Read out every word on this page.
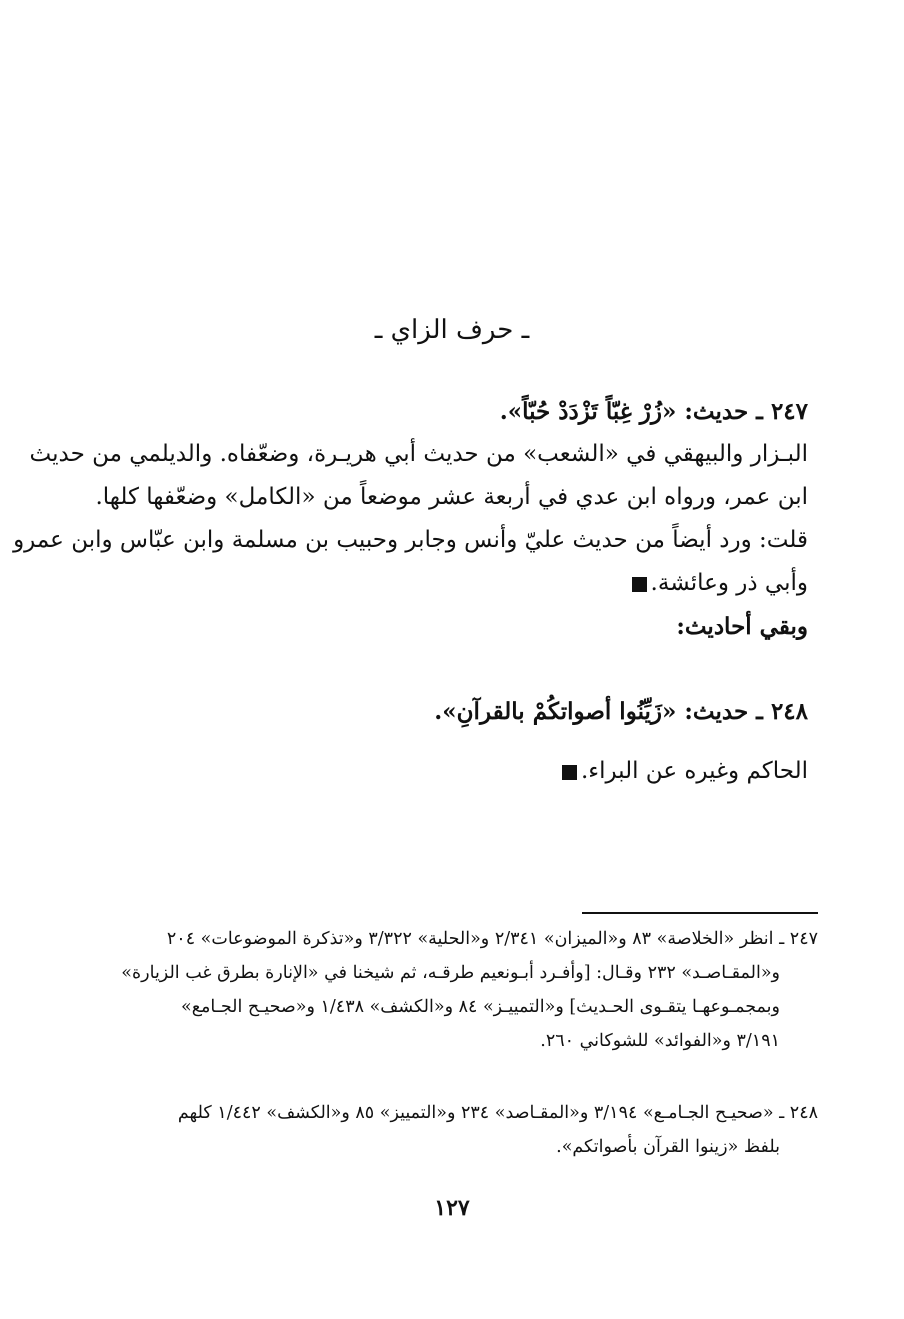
ـ حرف الزاي ـ
٢٤٧ ـ حديث: «زُرْ غِبّاً تَزْدَدْ حُبّاً».
البـزار والبيهقي في «الشعب» من حديث أبي هريـرة، وضعّفاه. والديلمي من حديث
ابن عمر، ورواه ابن عدي في أربعة عشر موضعاً من «الكامل» وضعّفها كلها.
قلت: ورد أيضاً من حديث عليّ وأنس وجابر وحبيب بن مسلمة وابن عبّاس وابن عمرو
وأبي ذر وعائشة.
وبقي أحاديث:
٢٤٨ ـ حديث: «زَيِّنُوا أصواتكُمْ بالقرآنِ».
الحاكم وغيره عن البراء.
٢٤٧ ـ انظر «الخلاصة» ٨٣ و«الميزان» ٢/٣٤١ و«الحلية» ٣/٣٢٢ و«تذكرة الموضوعات» ٢٠٤
و«المقـاصـد» ٢٣٢ وقـال: [وأفـرد أبـونعيم طرقـه، ثم شيخنا في «الإنارة بطرق غب الزيارة»
وبمجمـوعهـا يتقـوى الحـديث] و«التمييـز» ٨٤ و«الكشف» ١/٤٣٨ و«صحيـح الجـامع»
٣/١٩١ و«الفوائد» للشوكاني ٢٦٠.
٢٤٨ ـ «صحيـح الجـامـع» ٣/١٩٤ و«المقـاصد» ٢٣٤ و«التمييز» ٨٥ و«الكشف» ١/٤٤٢ كلهم
بلفظ «زينوا القرآن بأصواتكم».
١٢٧
